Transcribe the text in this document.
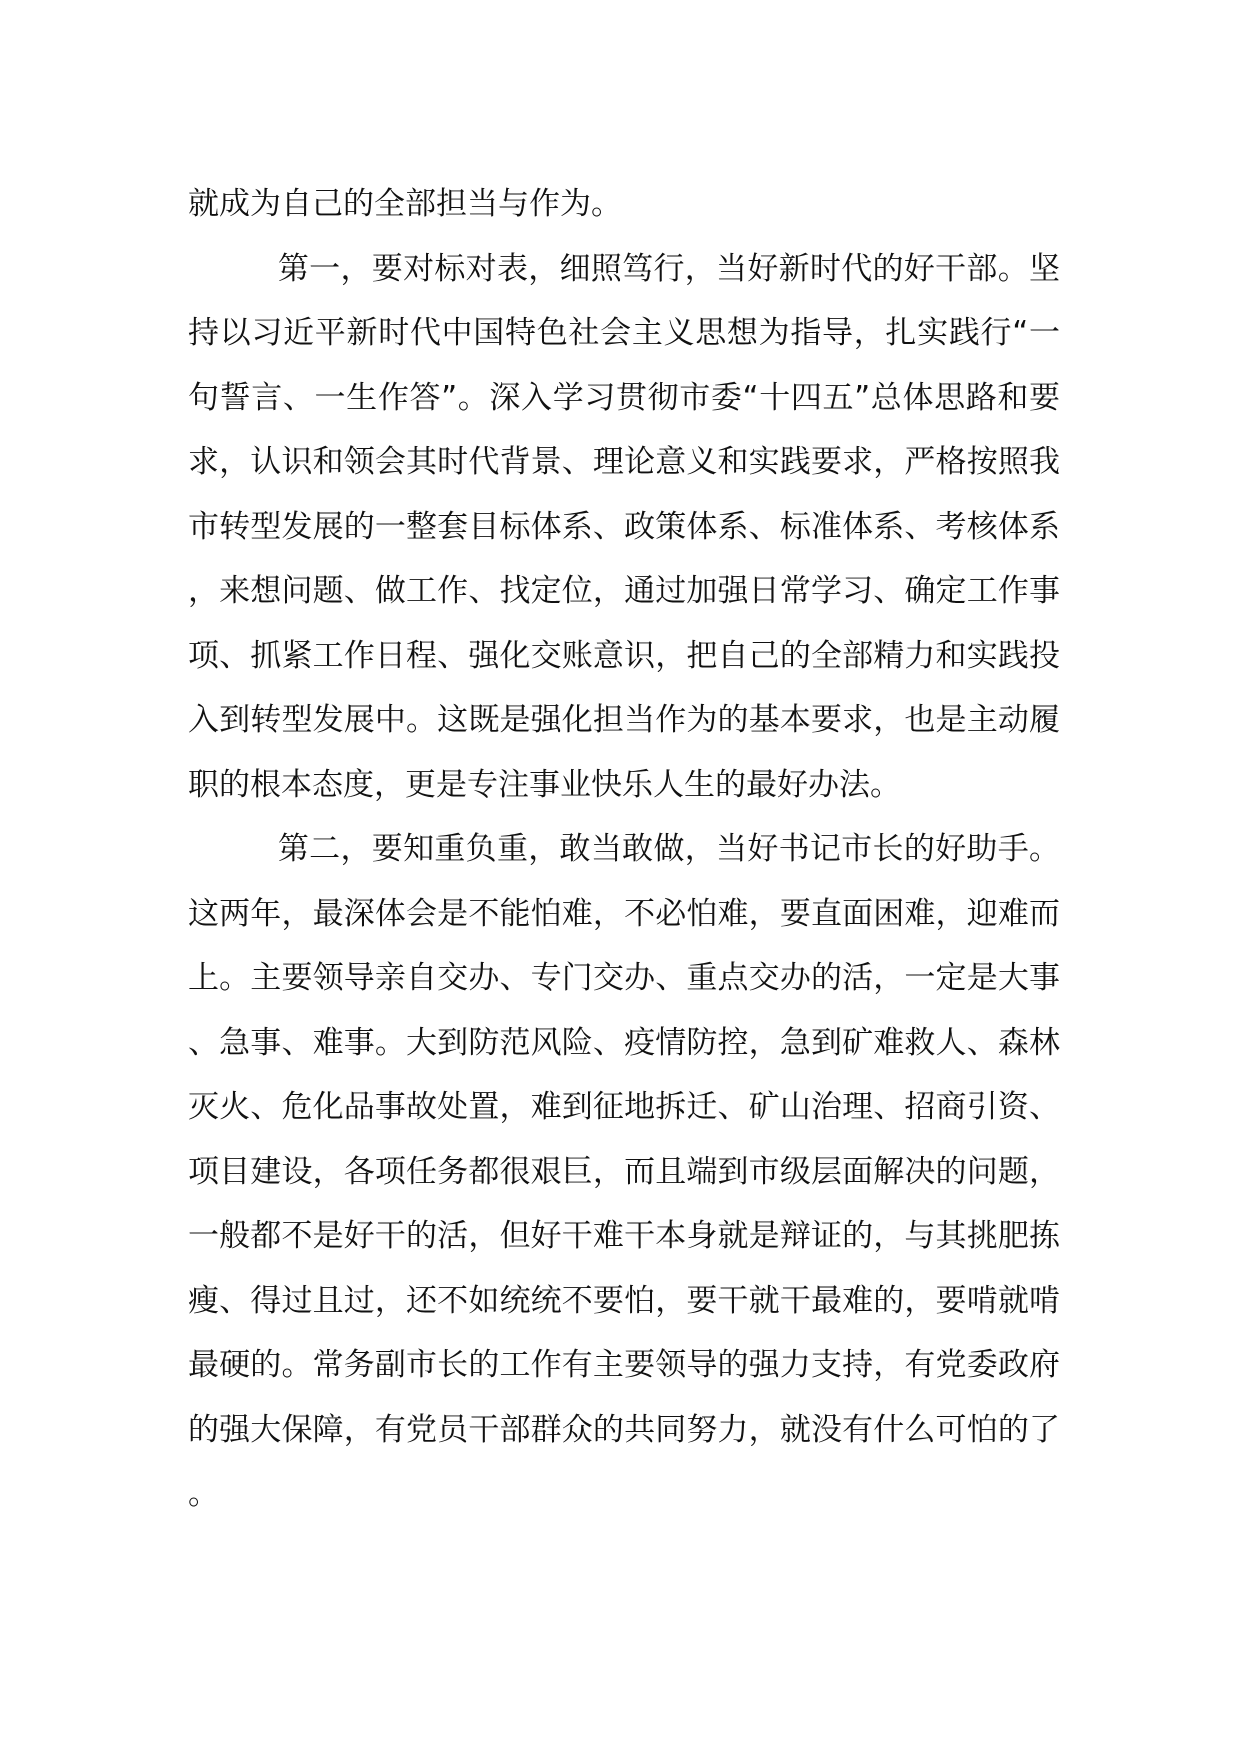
就成为自己的全部担当与作为。

第一，要对标对表，细照笃行，当好新时代的好干部。坚持以习近平新时代中国特色社会主义思想为指导，扎实践行“一句誓言、一生作答”。深入学习贯彻市委“十四五”总体思路和要求，认识和领会其时代背景、理论意义和实践要求，严格按照我市转型发展的一整套目标体系、政策体系、标准体系、考核体系，来想问题、做工作、找定位，通过加强日常学习、确定工作事项、抓紧工作日程、强化交账意识，把自己的全部精力和实践投入到转型发展中。这既是强化担当作为的基本要求，也是主动履职的根本态度，更是专注事业快乐人生的最好办法。

第二，要知重负重，敢当敢做，当好书记市长的好助手。这两年，最深体会是不能怕难，不必怕难，要直面困难，迎难而上。主要领导亲自交办、专门交办、重点交办的活，一定是大事、急事、难事。大到防范风险、疫情防控，急到矿难救人、森林灭火、危化品事故处置，难到征地拆迁、矿山治理、招商引资、项目建设，各项任务都很艰巨，而且端到市级层面解决的问题，一般都不是好干的活，但好干难干本身就是辩证的，与其挑肥拣瘦、得过且过，还不如统统不要怕，要干就干最难的，要啃就啃最硬的。常务副市长的工作有主要领导的强力支持，有党委政府的强大保障，有党员干部群众的共同努力，就没有什么可怕的了。
